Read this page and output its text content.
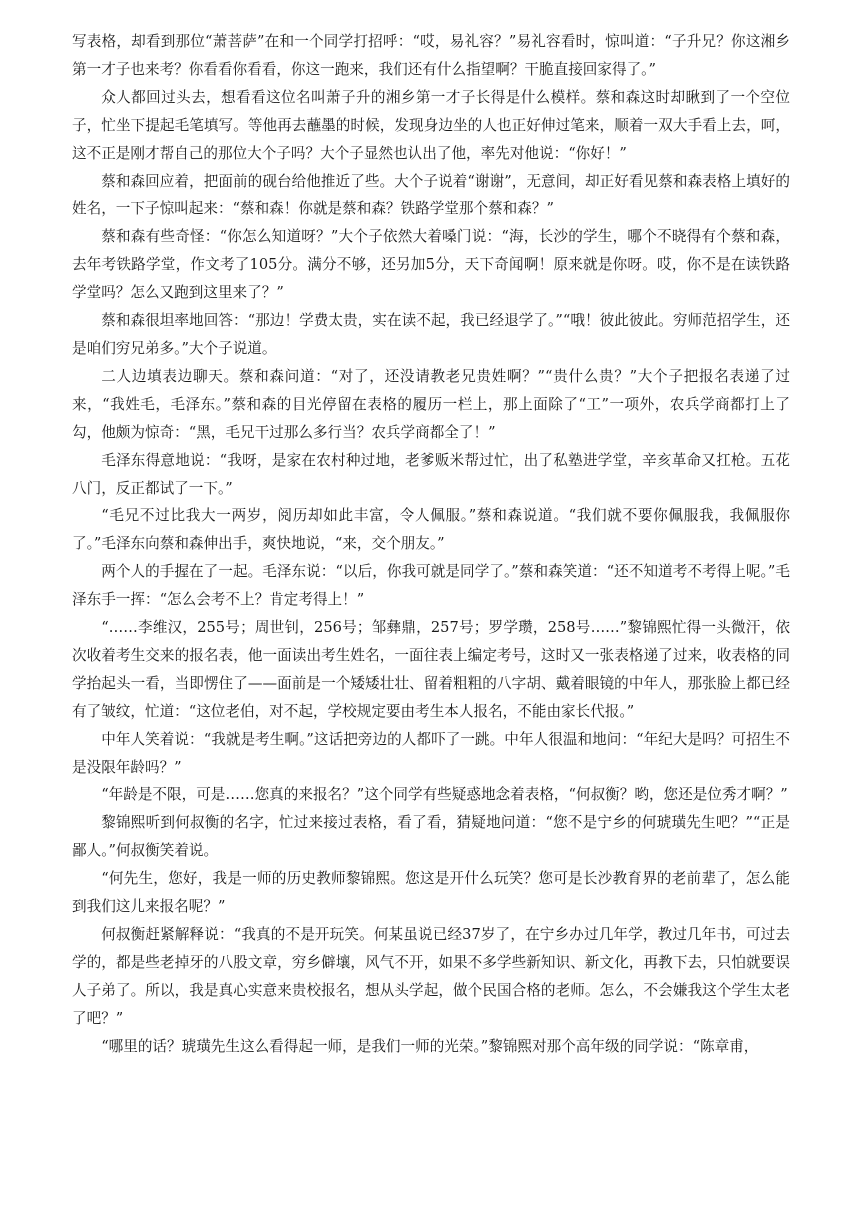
写表格，却看到那位“萧菩萨”在和一个同学打招呼：“哎，易礼容？”易礼容看时，惊叫道：“子升兄？你这湘乡第一才子也来考？你看看你看看，你这一跑来，我们还有什么指望啊？干脆直接回家得了。”

众人都回过头去，想看看这位名叫萧子升的湘乡第一才子长得是什么模样。蔡和森这时却瞅到了一个空位子，忙坐下提起毛笔填写。等他再去蘸墨的时候，发现身边坐的人也正好伸过笔来，顺着一双大手看上去，呵，这不正是刚才帮自己的那位大个子吗？大个子显然也认出了他，率先对他说：“你好！”

蔡和森回应着，把面前的砚台给他推近了些。大个子说着“谢谢”，无意间，却正好看见蔡和森表格上填好的姓名，一下子惊叫起来：“蔡和森！你就是蔡和森？铁路学堂那个蔡和森？”

蔡和森有些奇怪：“你怎么知道呀？”大个子依然大着嗓门说：“海，长沙的学生，哪个不晓得有个蔡和森，去年考铁路学堂，作文考了105分。满分不够，还另加5分，天下奇闻啊！原来就是你呀。哎，你不是在读铁路学堂吗？怎么又跑到这里来了？”

蔡和森很坦率地回答：“那边！学费太贵，实在读不起，我已经退学了。”“哦！彼此彼此。穷师范招学生，还是咱们穷兄弟多。”大个子说道。

二人边填表边聊天。蔡和森问道：“对了，还没请教老兄贵姓啊？”“贵什么贵？”大个子把报名表递了过来，“我姓毛，毛泽东。”蔡和森的目光停留在表格的履历一栏上，那上面除了“工”一项外，农兵学商都打上了勾，他颇为惊奇：“黑，毛兄干过那么多行当？农兵学商都全了！”

毛泽东得意地说：“我呀，是家在农村种过地，老爹贩米帮过忙，出了私塾进学堂，辛亥革命又扛枪。五花八门，反正都试了一下。”

“毛兄不过比我大一两岁，阅历却如此丰富，令人佩服。”蔡和森说道。“我们就不要你佩服我，我佩服你了。”毛泽东向蔡和森伸出手，爽快地说，“来，交个朋友。”

两个人的手握在了一起。毛泽东说：“以后，你我可就是同学了。”蔡和森笑道：“还不知道考不考得上呢。”毛泽东手一挥：“怎么会考不上？肯定考得上！”

“……李维汉，255号；周世钊，256号；邹彝鼎，257号；罗学瓒，258号……”黎锦熙忙得一头微汗，依次收着考生交来的报名表，他一面读出考生姓名，一面往表上编定考号，这时又一张表格递了过来，收表格的同学抬起头一看，当即愣住了——面前是一个矮矮壮壮、留着粗粗的八字胡、戴着眼镜的中年人，那张脸上都已经有了皱纹，忙道：“这位老伯，对不起，学校规定要由考生本人报名，不能由家长代报。”

中年人笑着说：“我就是考生啊。”这话把旁边的人都吓了一跳。中年人很温和地问：“年纪大是吗？可招生不是没限年龄吗？”

“年龄是不限，可是……您真的来报名？”这个同学有些疑惑地念着表格，“何叔衡？哟，您还是位秀才啊？”

黎锦熙听到何叔衡的名字，忙过来接过表格，看了看，猜疑地问道：“您不是宁乡的何琥璜先生吧？”“正是鄙人。”何叔衡笑着说。

“何先生，您好，我是一师的历史教师黎锦熙。您这是开什么玩笑？您可是长沙教育界的老前辈了，怎么能到我们这儿来报名呢？”

何叔衡赶紧解释说：“我真的不是开玩笑。何某虽说已经37岁了，在宁乡办过几年学，教过几年书，可过去学的，都是些老掉牙的八股文章，穷乡僻壤，风气不开，如果不多学些新知识、新文化，再教下去，只怕就要误人子弟了。所以，我是真心实意来贵校报名，想从头学起，做个民国合格的老师。怎么，不会嫌我这个学生太老了吧？”

“哪里的话？琥璜先生这么看得起一师，是我们一师的光荣。”黎锦熙对那个高年级的同学说：“陈章甫，
